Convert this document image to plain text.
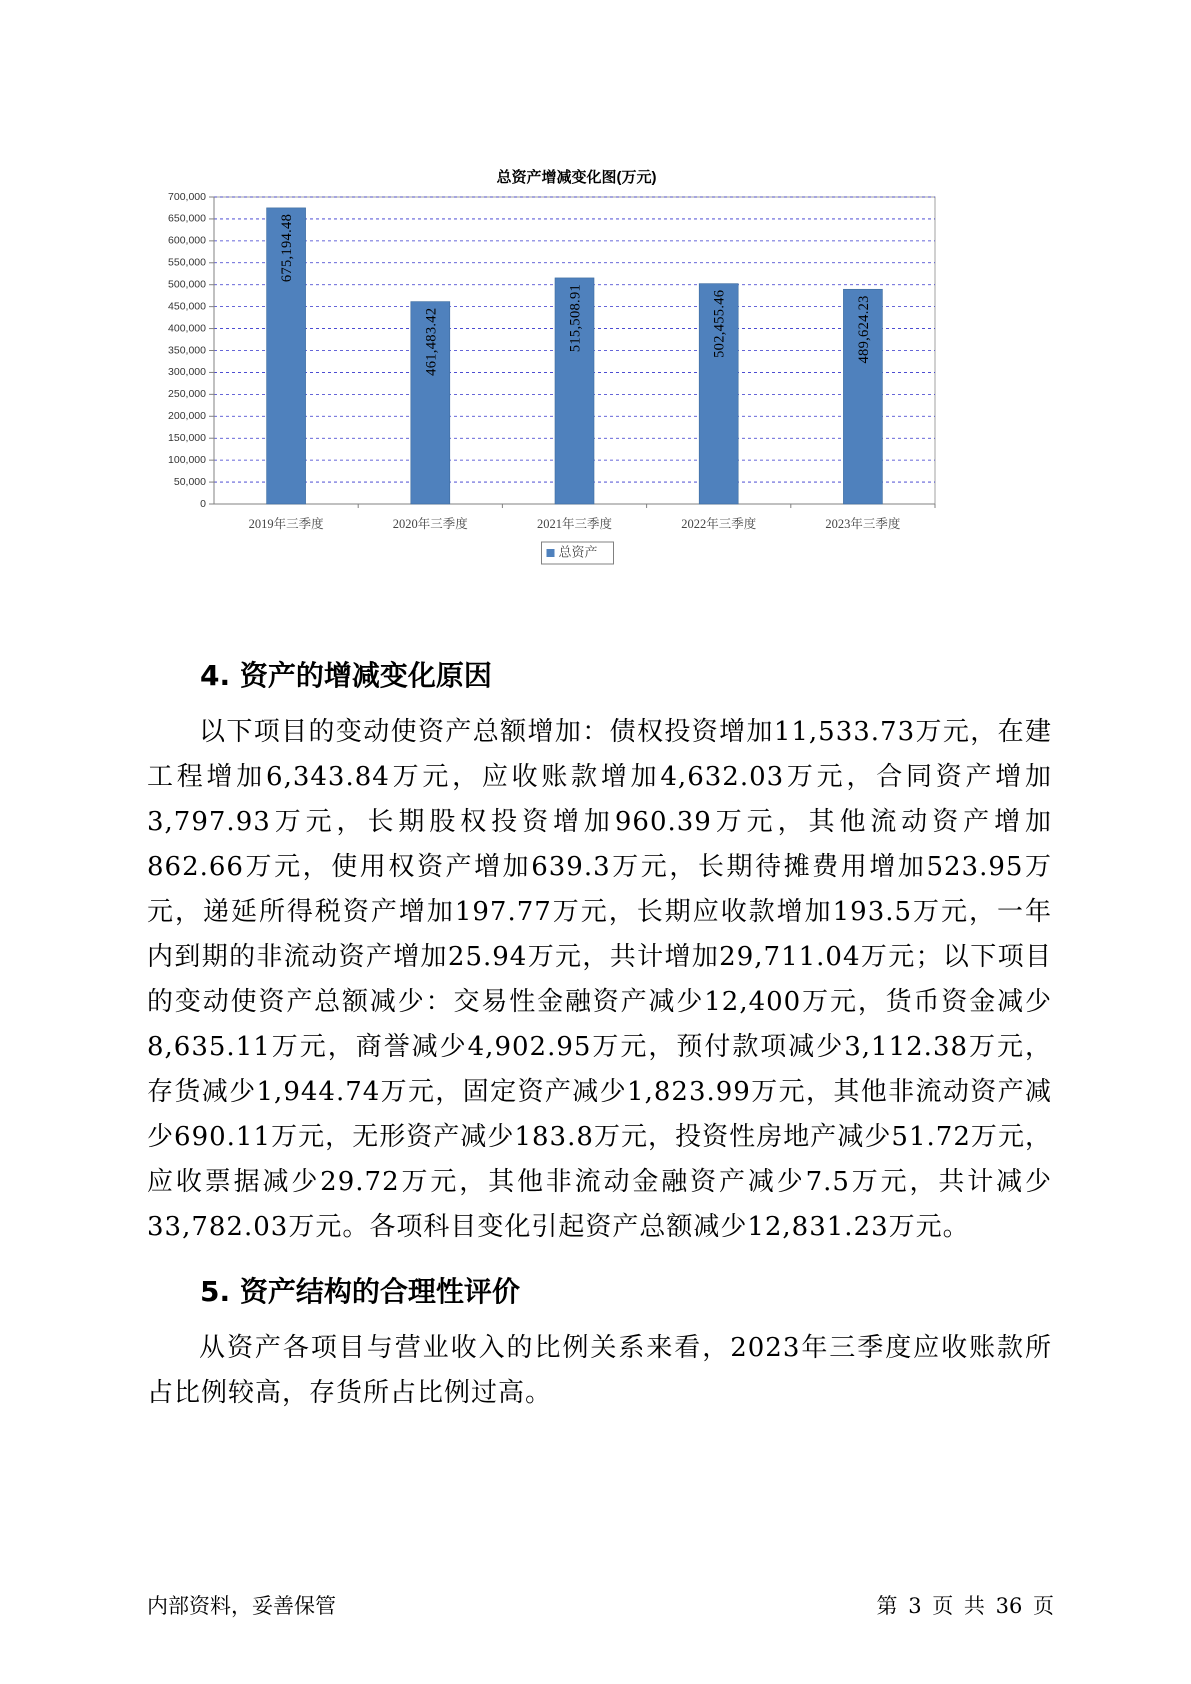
总资产增减变化图(万元)
0
50,000
100,000
150,000
200,000
250,000
300,000
350,000
400,000
450,000
500,000
550,000
600,000
650,000
700,000
675,194.48
2019年三季度
461,483.42
2020年三季度
515,508.91
2021年三季度
502,455.46
2022年三季度
489,624.23
2023年三季度
总资产
4. 资产的增减变化原因

以下项目的变动使资产总额增加：债权投资增加11,533.73万元，在建工程增加6,343.84万元，应收账款增加4,632.03万元，合同资产增加3,797.93万元，长期股权投资增加960.39万元，其他流动资产增加862.66万元，使用权资产增加639.3万元，长期待摊费用增加523.95万元，递延所得税资产增加197.77万元，长期应收款增加193.5万元，一年内到期的非流动资产增加25.94万元，共计增加29,711.04万元；以下项目的变动使资产总额减少：交易性金融资产减少12,400万元，货币资金减少8,635.11万元，商誉减少4,902.95万元，预付款项减少3,112.38万元，存货减少1,944.74万元，固定资产减少1,823.99万元，其他非流动资产减少690.11万元，无形资产减少183.8万元，投资性房地产减少51.72万元，应收票据减少29.72万元，其他非流动金融资产减少7.5万元，共计减少33,782.03万元。各项科目变化引起资产总额减少12,831.23万元。

5. 资产结构的合理性评价

从资产各项目与营业收入的比例关系来看，2023年三季度应收账款所占比例较高，存货所占比例过高。

内部资料，妥善保管	第 3 页 共 36 页
